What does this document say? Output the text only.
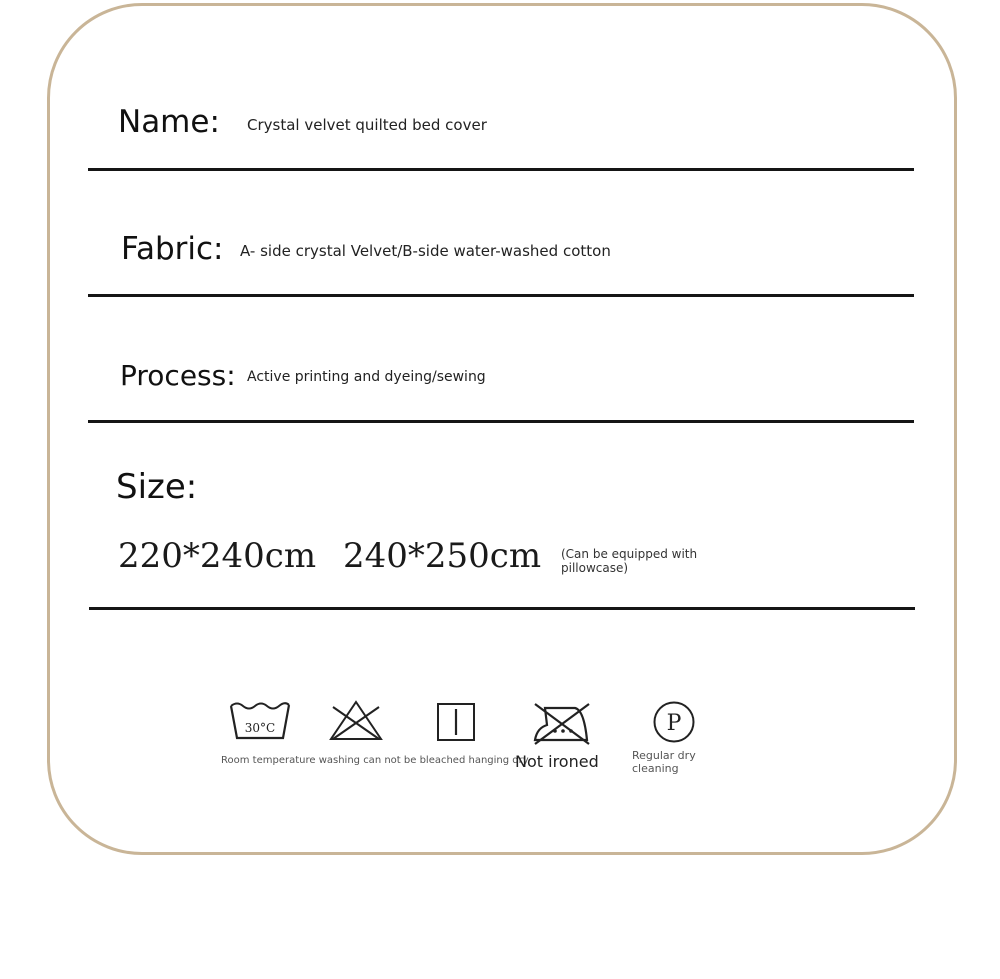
Name: Crystal velvet quilted bed cover
Fabric: A- side crystal Velvet/B-side water-washed cotton
Process: Active printing and dyeing/sewing
Size:
220*240cm 240*250cm (Can be equipped with pillowcase)
30°C
Room temperature washing can not be bleached hanging dry
Not ironed
P
Regular dry cleaning
